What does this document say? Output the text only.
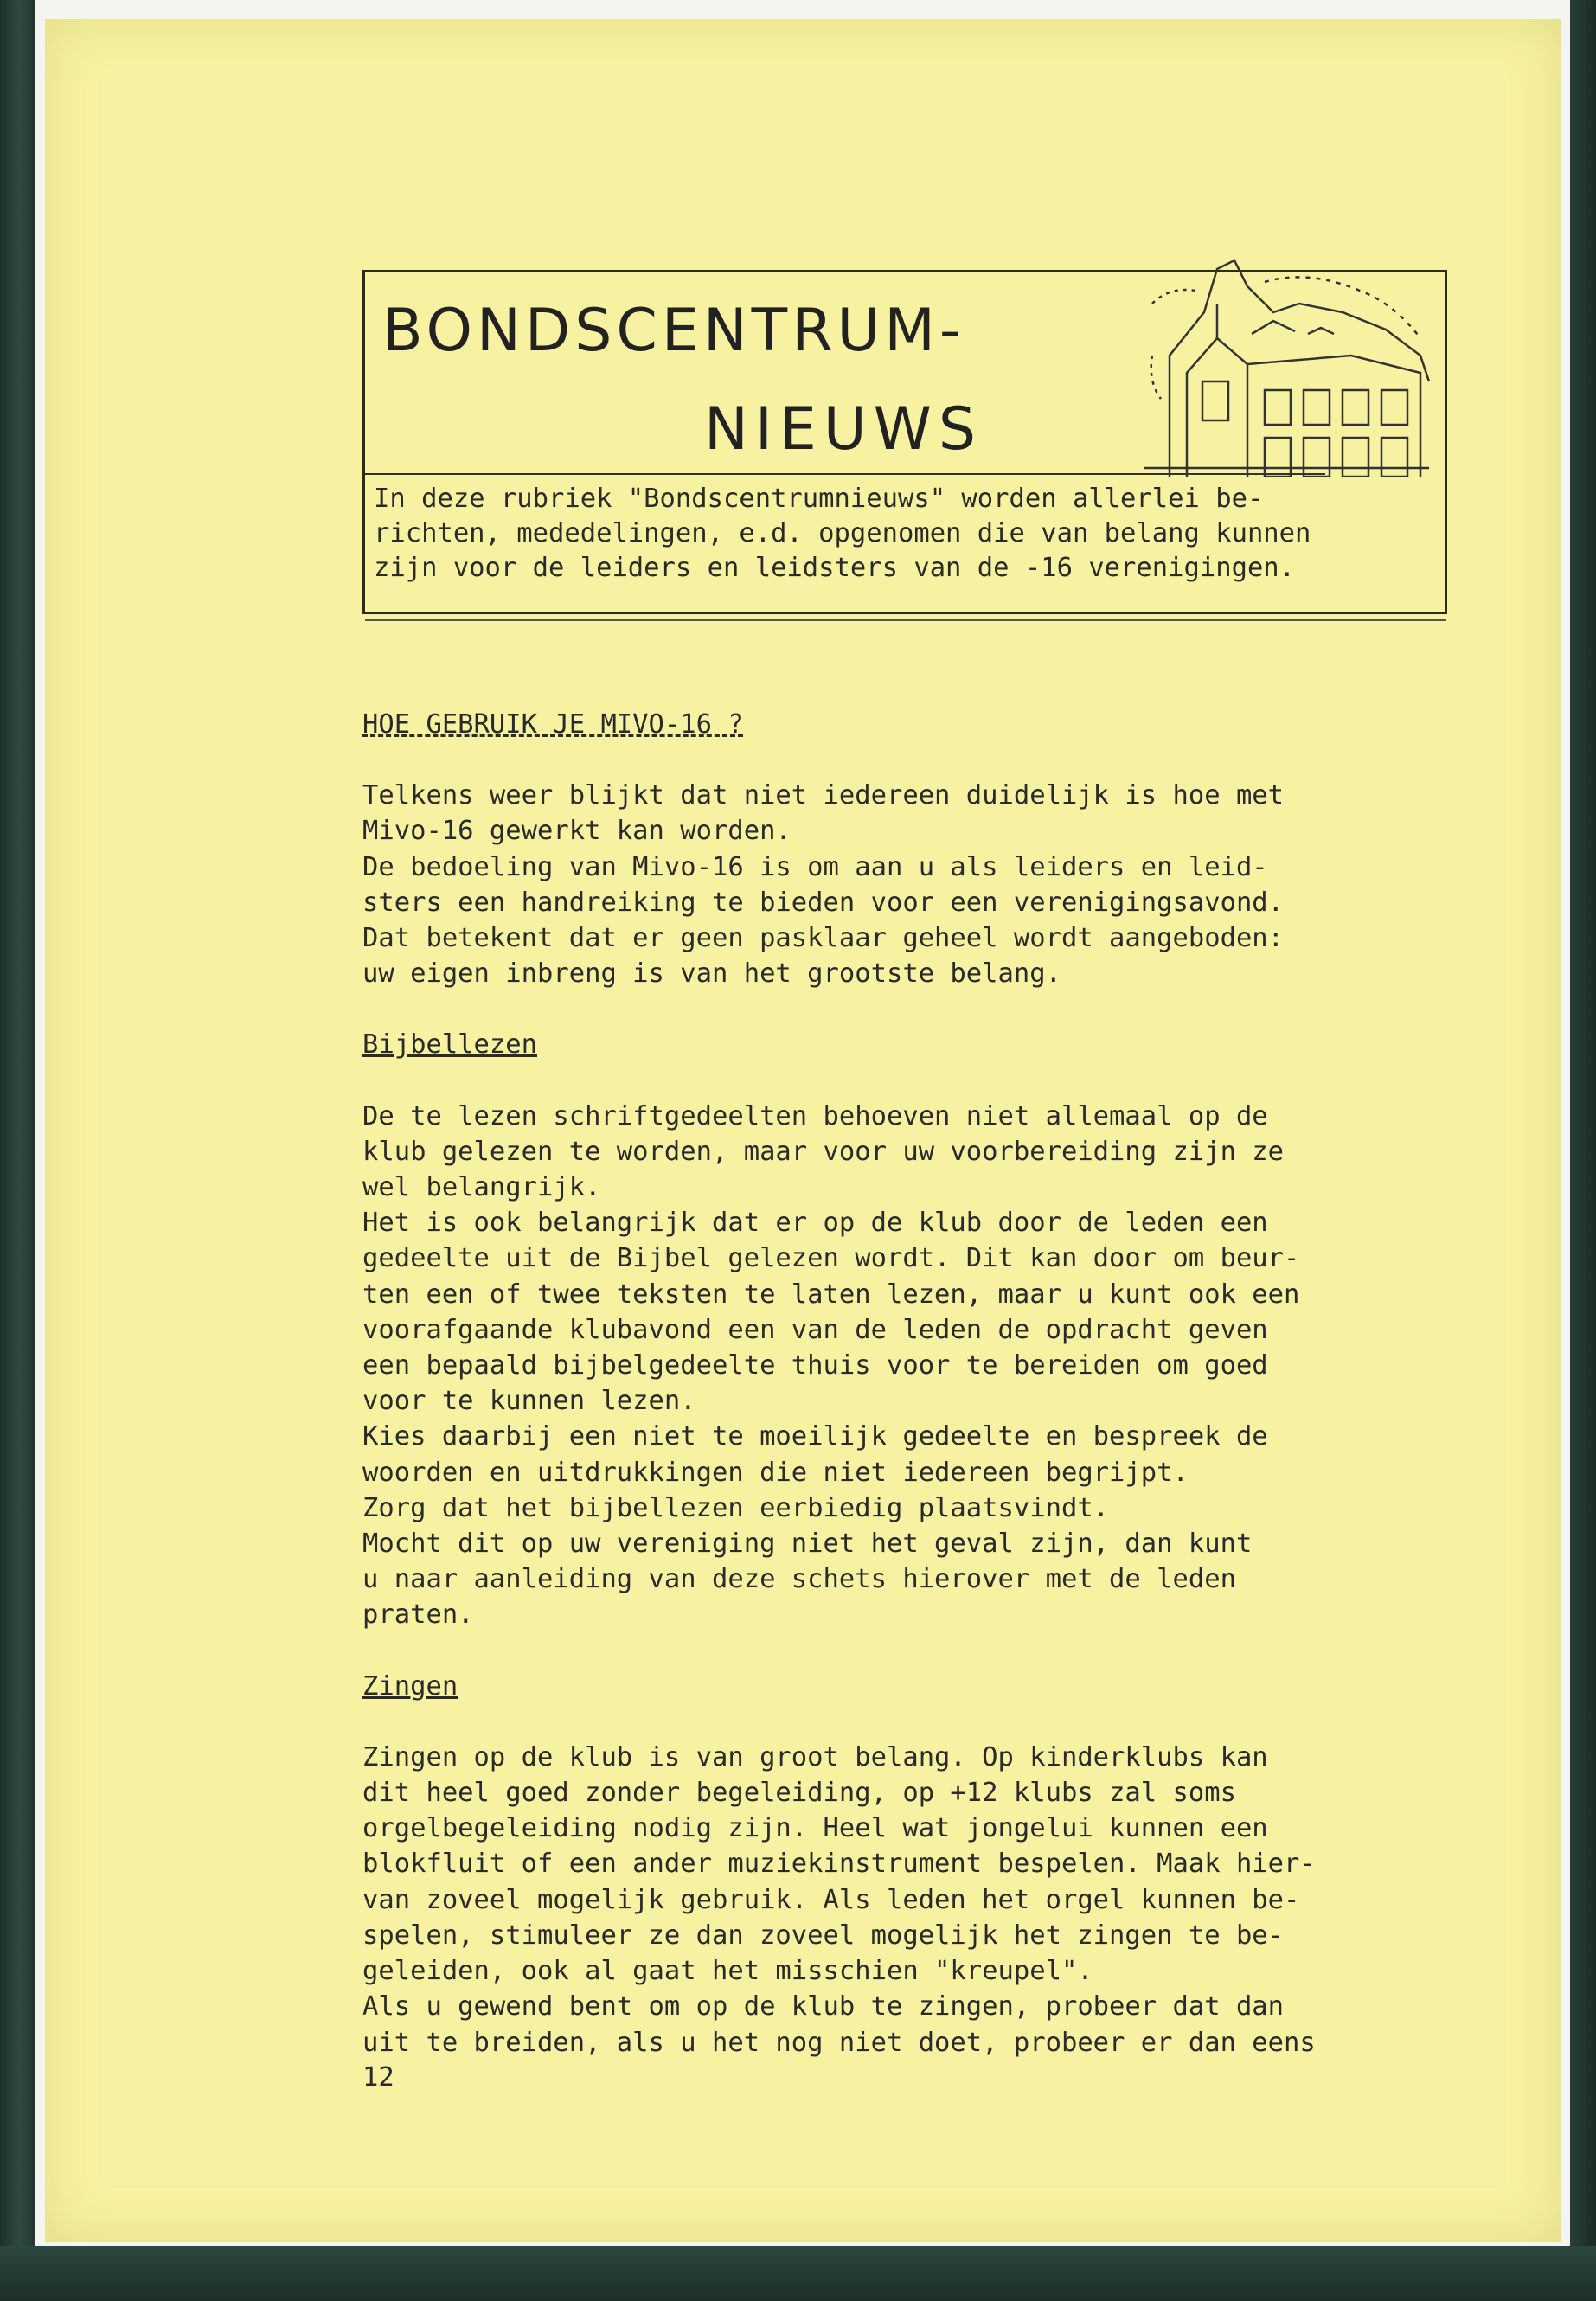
BONDSCENTRUM-
NIEUWS

In deze rubriek "Bondscentrumnieuws" worden allerlei be-
richten, mededelingen, e.d. opgenomen die van belang kunnen
zijn voor de leiders en leidsters van de -16 verenigingen.

HOE GEBRUIK JE MIVO-16 ?

Telkens weer blijkt dat niet iedereen duidelijk is hoe met
Mivo-16 gewerkt kan worden.
De bedoeling van Mivo-16 is om aan u als leiders en leid-
sters een handreiking te bieden voor een verenigingsavond.
Dat betekent dat er geen pasklaar geheel wordt aangeboden:
uw eigen inbreng is van het grootste belang.

Bijbellezen

De te lezen schriftgedeelten behoeven niet allemaal op de
klub gelezen te worden, maar voor uw voorbereiding zijn ze
wel belangrijk.
Het is ook belangrijk dat er op de klub door de leden een
gedeelte uit de Bijbel gelezen wordt. Dit kan door om beur-
ten een of twee teksten te laten lezen, maar u kunt ook een
voorafgaande klubavond een van de leden de opdracht geven
een bepaald bijbelgedeelte thuis voor te bereiden om goed
voor te kunnen lezen.
Kies daarbij een niet te moeilijk gedeelte en bespreek de
woorden en uitdrukkingen die niet iedereen begrijpt.
Zorg dat het bijbellezen eerbiedig plaatsvindt.
Mocht dit op uw vereniging niet het geval zijn, dan kunt
u naar aanleiding van deze schets hierover met de leden
praten.

Zingen

Zingen op de klub is van groot belang. Op kinderklubs kan
dit heel goed zonder begeleiding, op +12 klubs zal soms
orgelbegeleiding nodig zijn. Heel wat jongelui kunnen een
blokfluit of een ander muziekinstrument bespelen. Maak hier-
van zoveel mogelijk gebruik. Als leden het orgel kunnen be-
spelen, stimuleer ze dan zoveel mogelijk het zingen te be-
geleiden, ook al gaat het misschien "kreupel".
Als u gewend bent om op de klub te zingen, probeer dat dan
uit te breiden, als u het nog niet doet, probeer er dan eens

12
